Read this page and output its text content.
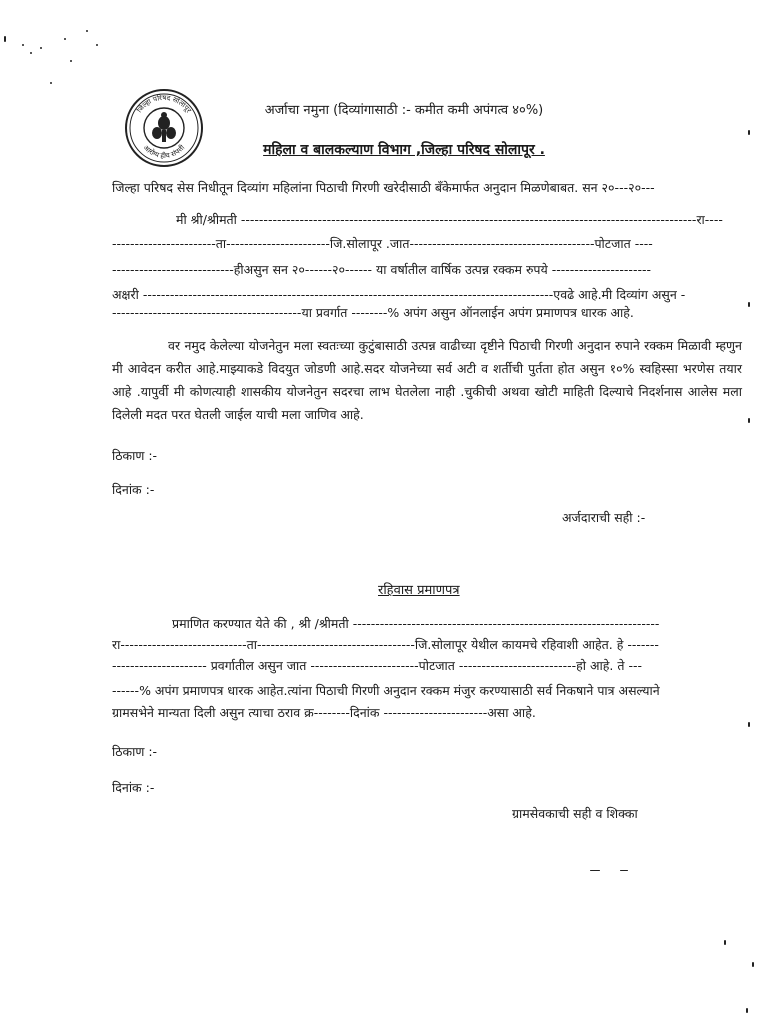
जिल्हा परिषद सोलापूर
आरोग्य हीच संपत्ती
अर्जाचा नमुना (दिव्यांगासाठी :- कमीत कमी अपंगत्व ४०%)
महिला व बालकल्याण विभाग ,जिल्हा परिषद सोलापूर .
जिल्हा परिषद सेस निधीतून दिव्यांग महिलांना पिठाची गिरणी खरेदीसाठी बँकेमार्फत अनुदान मिळणेबाबत. सन २०---२०---
मी श्री/श्रीमती -----------------------------------------------------------------------------------------------------रा----
-----------------------ता-----------------------जि.सोलापूर .जात-----------------------------------------पोटजात ----
---------------------------हीअसुन सन २०------२०------ या वर्षातील वार्षिक उत्पन्न रक्कम रुपये ----------------------
अक्षरी -------------------------------------------------------------------------------------------एवढे आहे.मी दिव्यांग असुन -
------------------------------------------या प्रवर्गात --------% अपंग असुन ऑनलाईन अपंग प्रमाणपत्र धारक आहे.
वर नमुद केलेल्या योजनेतुन मला स्वतःच्या कुटुंबासाठी उत्पन्न वाढीच्या दृष्टीने पिठाची गिरणी अनुदान रुपाने रक्कम मिळावी म्हणुन मी आवेदन करीत आहे.माझ्याकडे विदयुत जोडणी आहे.सदर योजनेच्या सर्व अटी व शर्तीची पुर्तता होत असुन १०% स्वहिस्सा भरणेस तयार आहे .यापुर्वी मी कोणत्याही शासकीय योजनेतुन सदरचा लाभ घेतलेला नाही .चुकीची अथवा खोटी माहिती दिल्याचे निदर्शनास आलेस मला दिलेली मदत परत घेतली जाईल याची मला जाणिव आहे.
ठिकाण :-
दिनांक :-
अर्जदाराची सही :-
रहिवास प्रमाणपत्र
प्रमाणित करण्यात येते की , श्री /श्रीमती --------------------------------------------------------------------
रा----------------------------ता-----------------------------------जि.सोलापूर येथील कायमचे रहिवाशी आहेत. हे -------
--------------------- प्रवर्गातील असुन जात ------------------------पोटजात --------------------------हो आहे. ते ---
------% अपंग प्रमाणपत्र धारक आहेत.त्यांना पिठाची गिरणी अनुदान रक्कम मंजुर करण्यासाठी सर्व निकषाने पात्र असल्याने
ग्रामसभेने मान्यता दिली असुन त्याचा ठराव क्र--------दिनांक -----------------------असा आहे.
ठिकाण :-
दिनांक :-
ग्रामसेवकाची सही व शिक्का
